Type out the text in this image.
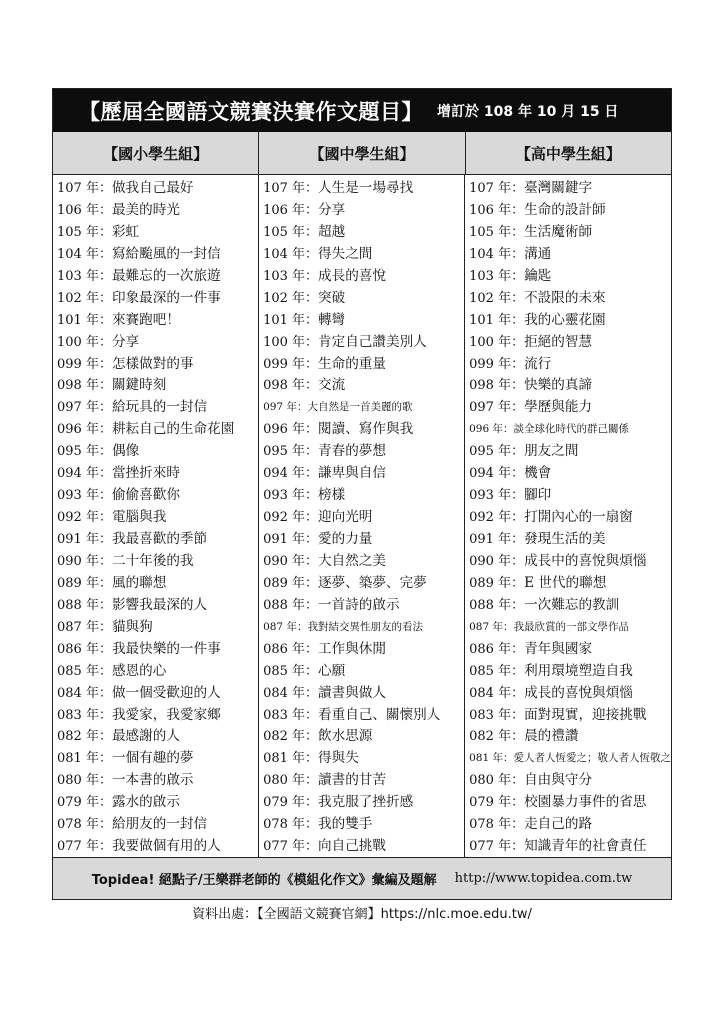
【歷屆全國語文競賽決賽作文題目】 增訂於 108 年 10 月 15 日
【國小學生組】	【國中學生組】	【高中學生組】
107 年：做我自己最好
106 年：最美的時光
105 年：彩虹
104 年：寫給颱風的一封信
103 年：最難忘的一次旅遊
102 年：印象最深的一件事
101 年：來賽跑吧！
100 年：分享
099 年：怎樣做對的事
098 年：關鍵時刻
097 年：給玩具的一封信
096 年：耕耘自己的生命花園
095 年：偶像
094 年：當挫折來時
093 年：偷偷喜歡你
092 年：電腦與我
091 年：我最喜歡的季節
090 年：二十年後的我
089 年：風的聯想
088 年：影響我最深的人
087 年：貓與狗
086 年：我最快樂的一件事
085 年：感恩的心
084 年：做一個受歡迎的人
083 年：我愛家，我愛家鄉
082 年：最感謝的人
081 年：一個有趣的夢
080 年：一本書的啟示
079 年：露水的啟示
078 年：給朋友的一封信
077 年：我要做個有用的人
107 年：人生是一場尋找
106 年：分享
105 年：超越
104 年：得失之間
103 年：成長的喜悅
102 年：突破
101 年：轉彎
100 年：肯定自己讚美別人
099 年：生命的重量
098 年：交流
097 年：大自然是一首美麗的歌
096 年：閱讀、寫作與我
095 年：青春的夢想
094 年：謙卑與自信
093 年：榜樣
092 年：迎向光明
091 年：愛的力量
090 年：大自然之美
089 年：逐夢、築夢、完夢
088 年：一首詩的啟示
087 年：我對結交異性朋友的看法
086 年：工作與休閒
085 年：心願
084 年：讀書與做人
083 年：看重自己、關懷別人
082 年：飲水思源
081 年：得與失
080 年：讀書的甘苦
079 年：我克服了挫折感
078 年：我的雙手
077 年：向自己挑戰
107 年：臺灣關鍵字
106 年：生命的設計師
105 年：生活魔術師
104 年：溝通
103 年：鑰匙
102 年：不設限的未來
101 年：我的心靈花園
100 年：拒絕的智慧
099 年：流行
098 年：快樂的真諦
097 年：學歷與能力
096 年：談全球化時代的群己關係
095 年：朋友之間
094 年：機會
093 年：腳印
092 年：打開內心的一扇窗
091 年：發現生活的美
090 年：成長中的喜悅與煩惱
089 年：E 世代的聯想
088 年：一次難忘的教訓
087 年：我最欣賞的一部文學作品
086 年：青年與國家
085 年：利用環境塑造自我
084 年：成長的喜悅與煩惱
083 年：面對現實，迎接挑戰
082 年：晨的禮讚
081 年：愛人者人恆愛之；敬人者人恆敬之
080 年：自由與守分
079 年：校園暴力事件的省思
078 年：走自己的路
077 年：知識青年的社會責任
Topidea! 絕點子/王樂群老師的《模組化作文》彙編及題解 http://www.topidea.com.tw
資料出處：【全國語文競賽官網】https://nlc.moe.edu.tw/
